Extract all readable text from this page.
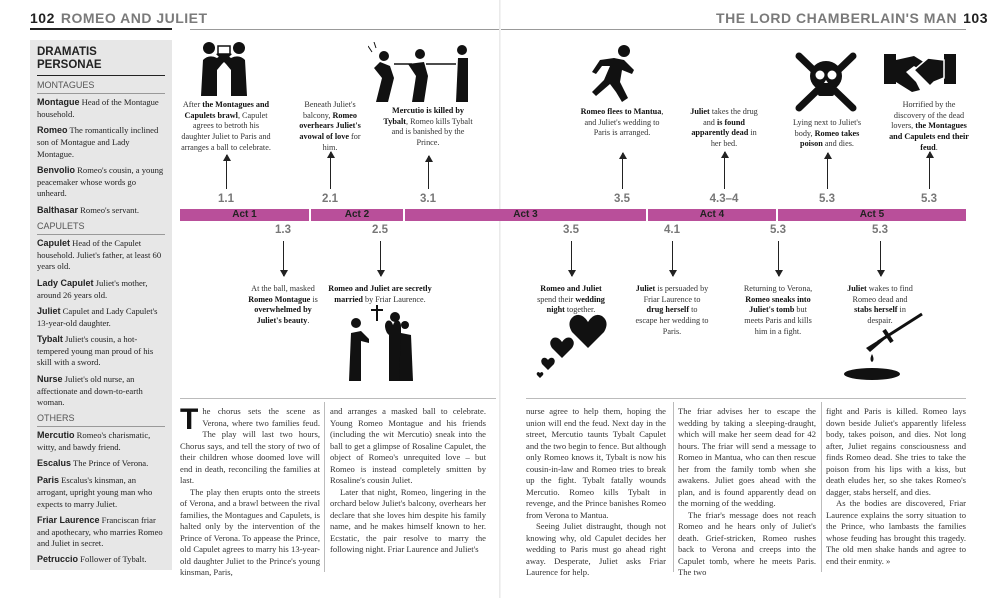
102 ROMEO AND JULIET	THE LORD CHAMBERLAIN'S MAN 103
DRAMATIS
PERSONAE
MONTAGUES
Montague Head of the Montague household.
Romeo The romantically inclined son of Montague and Lady Montague.
Benvolio Romeo's cousin, a young peacemaker whose words go unheard.
Balthasar Romeo's servant.
CAPULETS
Capulet Head of the Capulet household. Juliet's father, at least 60 years old.
Lady Capulet Juliet's mother, around 26 years old.
Juliet Capulet and Lady Capulet's 13-year-old daughter.
Tybalt Juliet's cousin, a hot-tempered young man proud of his skill with a sword.
Nurse Juliet's old nurse, an affectionate and down-to-earth woman.
OTHERS
Mercutio Romeo's charismatic, witty, and bawdy friend.
Escalus The Prince of Verona.
Paris Escalus's kinsman, an arrogant, upright young man who expects to marry Juliet.
Friar Laurence Franciscan friar and apothecary, who marries Romeo and Juliet in secret.
Petruccio Follower of Tybalt.
Act 1	Act 2	Act 3	Act 4	Act 5
After the Montagues and Capulets brawl, Capulet agrees to betroth his daughter Juliet to Paris and arranges a ball to celebrate.
1.1
Beneath Juliet's balcony, Romeo overhears Juliet's avowal of love for him.
2.1
Mercutio is killed by Tybalt, Romeo kills Tybalt and is banished by the Prince.
3.1
Romeo flees to Mantua, and Juliet's wedding to Paris is arranged.
3.5
Juliet takes the drug and is found apparently dead in her bed.
4.3–4
Lying next to Juliet's body, Romeo takes poison and dies.
5.3
Horrified by the discovery of the dead lovers, the Montagues and Capulets end their feud.
5.3
1.3
At the ball, masked Romeo Montague is overwhelmed by Juliet's beauty.
2.5
Romeo and Juliet are secretly married by Friar Laurence.
3.5
Romeo and Juliet spend their wedding night together.
4.1
Juliet is persuaded by Friar Laurence to drug herself to escape her wedding to Paris.
5.3
Returning to Verona, Romeo sneaks into Juliet's tomb but meets Paris and kills him in a fight.
5.3
Juliet wakes to find Romeo dead and stabs herself in despair.

The chorus sets the scene as Verona, where two families feud. The play will last two hours, Chorus says, and tell the story of two of their children whose doomed love will end in death, reconciling the families at last.

The play then erupts onto the streets of Verona, and a brawl between the rival families, the Montagues and Capulets, is halted only by the intervention of the Prince of Verona. To appease the Prince, old Capulet agrees to marry his 13-year-old daughter Juliet to the Prince's young kinsman, Paris,

and arranges a masked ball to celebrate. Young Romeo Montague and his friends (including the wit Mercutio) sneak into the ball to get a glimpse of Rosaline Capulet, the object of Romeo's unrequited love – but Romeo is instead completely smitten by Rosaline's cousin Juliet.

Later that night, Romeo, lingering in the orchard below Juliet's balcony, overhears her declare that she loves him despite his family name, and he makes himself known to her. Ecstatic, the pair resolve to marry the following night. Friar Laurence and Juliet's

nurse agree to help them, hoping the union will end the feud. Next day in the street, Mercutio taunts Tybalt Capulet and the two begin to fence. But although only Romeo knows it, Tybalt is now his cousin-in-law and Romeo tries to break up the fight. Tybalt fatally wounds Mercutio. Romeo kills Tybalt in revenge, and the Prince banishes Romeo from Verona to Mantua.

Seeing Juliet distraught, though not knowing why, old Capulet decides her wedding to Paris must go ahead right away. Desperate, Juliet asks Friar Laurence for help.

The friar advises her to escape the wedding by taking a sleeping-draught, which will make her seem dead for 42 hours. The friar will send a message to Romeo in Mantua, who can then rescue her from the family tomb when she awakens. Juliet goes ahead with the plan, and is found apparently dead on the morning of the wedding.

The friar's message does not reach Romeo and he hears only of Juliet's death. Grief-stricken, Romeo rushes back to Verona and creeps into the Capulet tomb, where he meets Paris. The two

fight and Paris is killed. Romeo lays down beside Juliet's apparently lifeless body, takes poison, and dies. Not long after, Juliet regains consciousness and finds Romeo dead. She tries to take the poison from his lips with a kiss, but death eludes her, so she takes Romeo's dagger, stabs herself, and dies.

As the bodies are discovered, Friar Laurence explains the sorry situation to the Prince, who lambasts the families whose feuding has brought this tragedy. The old men shake hands and agree to end their enmity. »
